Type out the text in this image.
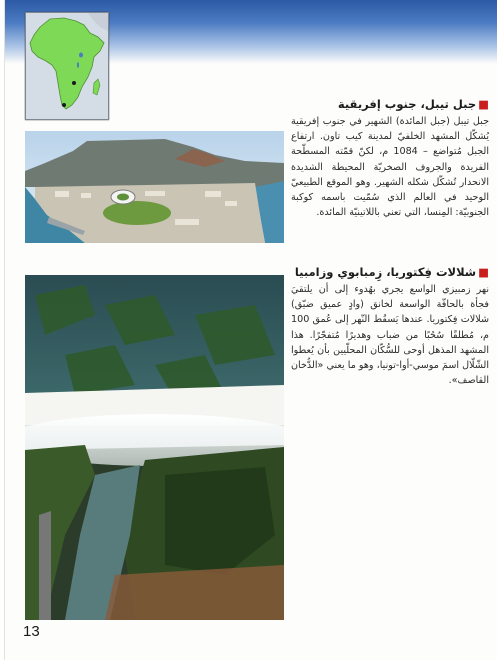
■جبل تيبل، جنوب إفريقية

جبل تيبل (جبل المائدة) الشهير في جنوب إفريقية يُشكّل المشهد الخلفيّ لمدينة كيب تاون. ارتفاع الجبل مُتواضع – 1084 م، لكنّ قمّته المسطّحة الفريدة والجروف الصخريّة المحيطة الشديدة الانحدار تُشكّل شكله الشهير. وهو الموقع الطبيعيّ الوحيد في العالم الذي سُمّيت باسمه كوكبة الجنوبيّة: المِنسا، التي تعني باللاتينيّة المائدة.

■شلالات فِكتوريا، زِمبابوي وزامبيا

نهر زمبيزي الواسع يجري بهُدوء إلى أن يلتقيَ فجأة بالحافّة الواسعة لخانق (وادٍ عميق ضيّق) شلالات فِكتوريا. عندها يَسقُط النّهر إلى عُمق 100 م، مُطلقًا سُحُبًا من ضباب وهديرًا مُتفجّرًا. هذا المشهد المذهل أوحى للسُّكّان المحلّيين بأن يُعطوا الشّلّال اسمَ موسي-أوا-تونيا، وهو ما يعني «الدُّخان القاصف».

13
